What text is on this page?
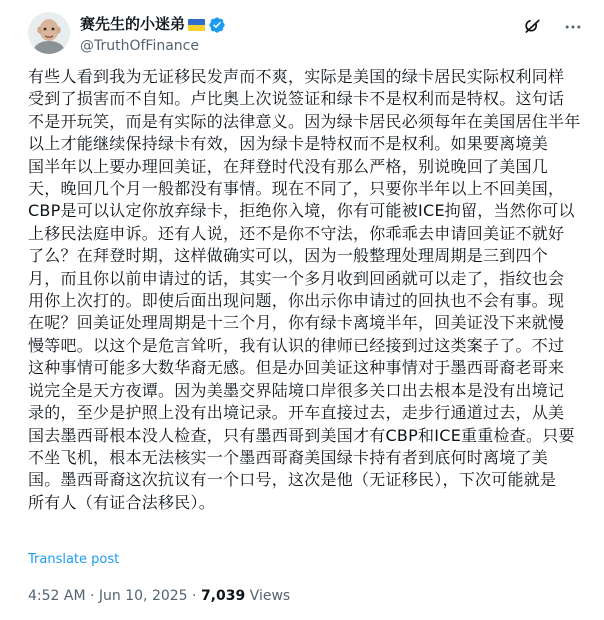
赛先生的小迷弟
@TruthOfFinance
有些人看到我为无证移民发声而不爽，实际是美国的绿卡居民实际权利同样
受到了损害而不自知。卢比奥上次说签证和绿卡不是权利而是特权。这句话
不是开玩笑，而是有实际的法律意义。因为绿卡居民必须每年在美国居住半年
以上才能继续保持绿卡有效，因为绿卡是特权而不是权利。如果要离境美
国半年以上要办理回美证，在拜登时代没有那么严格，别说晚回了美国几
天，晚回几个月一般都没有事情。现在不同了，只要你半年以上不回美国，
CBP是可以认定你放弃绿卡，拒绝你入境，你有可能被ICE拘留，当然你可以
上移民法庭申诉。还有人说，还不是你不守法，你乖乖去申请回美证不就好
了么？在拜登时期，这样做确实可以，因为一般整理处理周期是三到四个
月，而且你以前申请过的话，其实一个多月收到回函就可以走了，指纹也会
用你上次打的。即使后面出现问题，你出示你申请过的回执也不会有事。现
在呢？回美证处理周期是十三个月，你有绿卡离境半年，回美证没下来就慢
慢等吧。以这个是危言耸听，我有认识的律师已经接到过这类案子了。不过
这种事情可能多大数华裔无感。但是办回美证这种事情对于墨西哥裔老哥来
说完全是天方夜谭。因为美墨交界陆境口岸很多关口出去根本是没有出境记
录的，至少是护照上没有出境记录。开车直接过去，走步行通道过去，从美
国去墨西哥根本没人检查，只有墨西哥到美国才有CBP和ICE重重检查。只要
不坐飞机，根本无法核实一个墨西哥裔美国绿卡持有者到底何时离境了美
国。墨西哥裔这次抗议有一个口号，这次是他（无证移民），下次可能就是
所有人（有证合法移民）。
Translate post
4:52 AM · Jun 10, 2025 · 7,039 Views
